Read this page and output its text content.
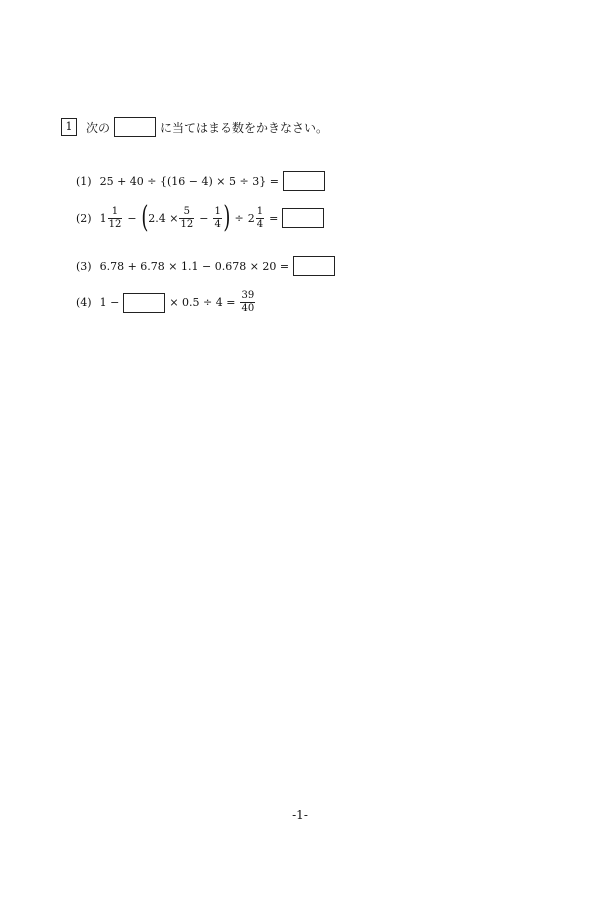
1	次の	に当てはまる数をかきなさい。
(1) 25 + 40 ÷ {(16 − 4) × 5 ÷ 3} =
(2) $1 \frac{1}{12}$ − ( $2.4 \times \frac{5}{12} - \frac{1}{4}$ ) ÷ $2 \frac{1}{4}$ =
(3) 6.78 + 6.78 × 1.1 − 0.678 × 20 =
(4) 1 −	× $0.5 \div 4 = \frac{39}{40}$
-1-
